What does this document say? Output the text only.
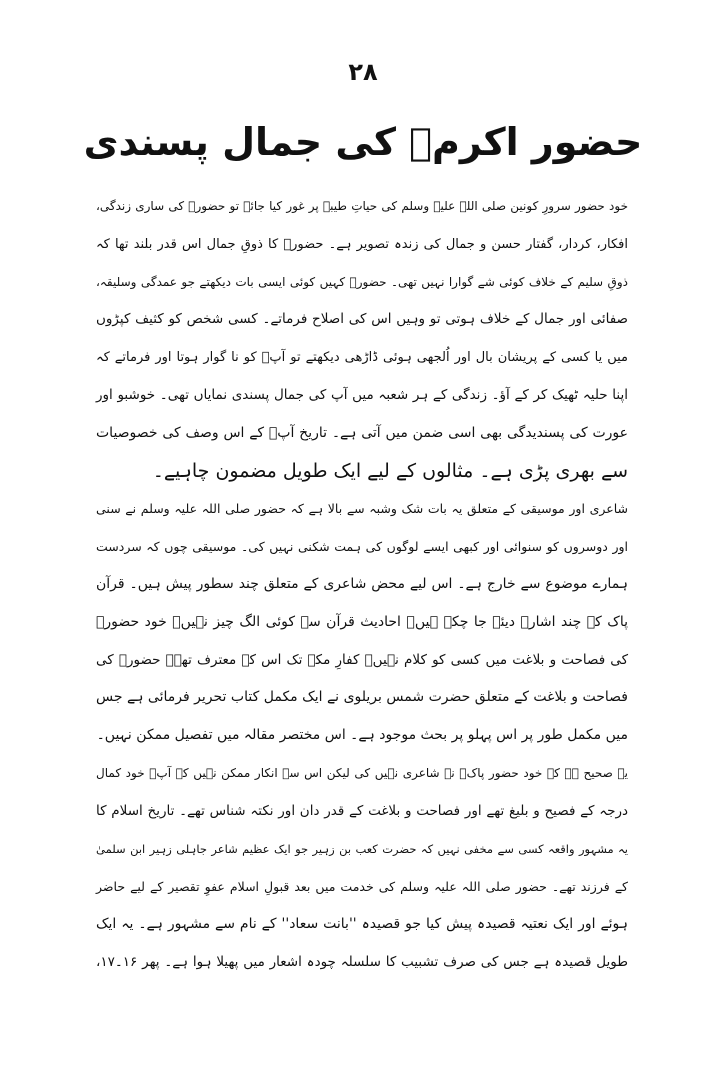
۲۸
حضور اکرمؐ کی جمال پسندی
خود حضور سرورِ کونین صلی اللہ علیہ وسلم کی حیاتِ طیبہ پر غور کیا جائے تو حضورؐ کی ساری زندگی،
افکار، کردار، گفتار حسن و جمال کی زندہ تصویر ہے۔ حضورؐ کا ذوقِ جمال اس قدر بلند تھا کہ
ذوقِ سلیم کے خلاف کوئی شے گوارا نہیں تھی۔ حضورؐ کہیں کوئی ایسی بات دیکھتے جو عمدگی وسلیقہ،
صفائی اور جمال کے خلاف ہوتی تو وہیں اس کی اصلاح فرماتے۔ کسی شخص کو کثیف کپڑوں
میں یا کسی کے پریشان بال اور اُلجھی ہوئی ڈاڑھی دیکھتے تو آپؐ کو نا گوار ہوتا اور فرماتے کہ
اپنا حلیہ ٹھیک کر کے آؤ۔ زندگی کے ہر شعبہ میں آپ کی جمال پسندی نمایاں تھی۔ خوشبو اور
عورت کی پسندیدگی بھی اسی ضمن میں آتی ہے۔ تاریخ آپؐ کے اس وصف کی خصوصیات
سے بھری پڑی ہے۔ مثالوں کے لیے ایک طویل مضمون چاہیے۔
شاعری اور موسیقی کے متعلق یہ بات شک وشبہ سے بالا ہے کہ حضور صلی اللہ علیہ وسلم نے سنی
اور دوسروں کو سنوائی اور کبھی ایسے لوگوں کی ہمت شکنی نہیں کی۔ موسیقی چوں کہ سردست
ہمارے موضوع سے خارج ہے۔ اس لیے محض شاعری کے متعلق چند سطور پیش ہیں۔ قرآن
پاک کے چند اشارے دیئے جا چکے ہیں۔ احادیث قرآن سے کوئی الگ چیز نہیں۔ خود حضورؐ
کی فصاحت و بلاغت میں کسی کو کلام نہیں۔ کفارِ مکہ تک اس کے معترف تھے۔ حضورؐ کی
فصاحت و بلاغت کے متعلق حضرت شمس بریلوی نے ایک مکمل کتاب تحریر فرمائی ہے جس
میں مکمل طور پر اس پہلو پر بحث موجود ہے۔ اس مختصر مقالہ میں تفصیل ممکن نہیں۔
یہ صحیح ہے کہ خود حضور پاکؐ نے شاعری نہیں کی لیکن اس سے انکار ممکن نہیں کہ آپؐ خود کمال
درجہ کے فصیح و بلیغ تھے اور فصاحت و بلاغت کے قدر دان اور نکتہ شناس تھے۔ تاریخ اسلام کا
یہ مشہور واقعہ کسی سے مخفی نہیں کہ حضرت کعب بن زہیر جو ایک عظیم شاعر جاہلی زہیر ابن سلمیٰ
کے فرزند تھے۔ حضور صلی اللہ علیہ وسلم کی خدمت میں بعد قبولِ اسلام عفوِ تقصیر کے لیے حاضر
ہوئے اور ایک نعتیہ قصیدہ پیش کیا جو قصیدہ ''بانت سعاد'' کے نام سے مشہور ہے۔ یہ ایک
طویل قصیدہ ہے جس کی صرف تشبیب کا سلسلہ چودہ اشعار میں پھیلا ہوا ہے۔ پھر ۱۶۔۱۷،
